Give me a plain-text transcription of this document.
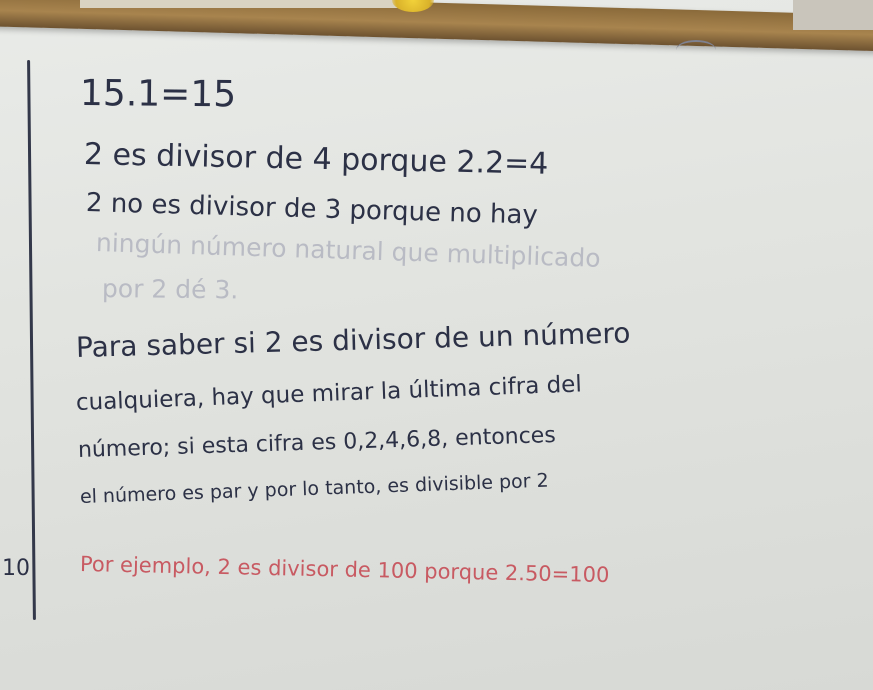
10
15.1=15
2 es divisor de 4 porque 2.2=4
2 no es divisor de 3 porque no hay
ningún número natural que multiplicado
por 2 dé 3.
Para saber si 2 es divisor de un número
cualquiera, hay que mirar la última cifra del
número; si esta cifra es 0,2,4,6,8, entonces
el número es par y por lo tanto, es divisible por 2
Por ejemplo, 2 es divisor de 100 porque 2.50=100
